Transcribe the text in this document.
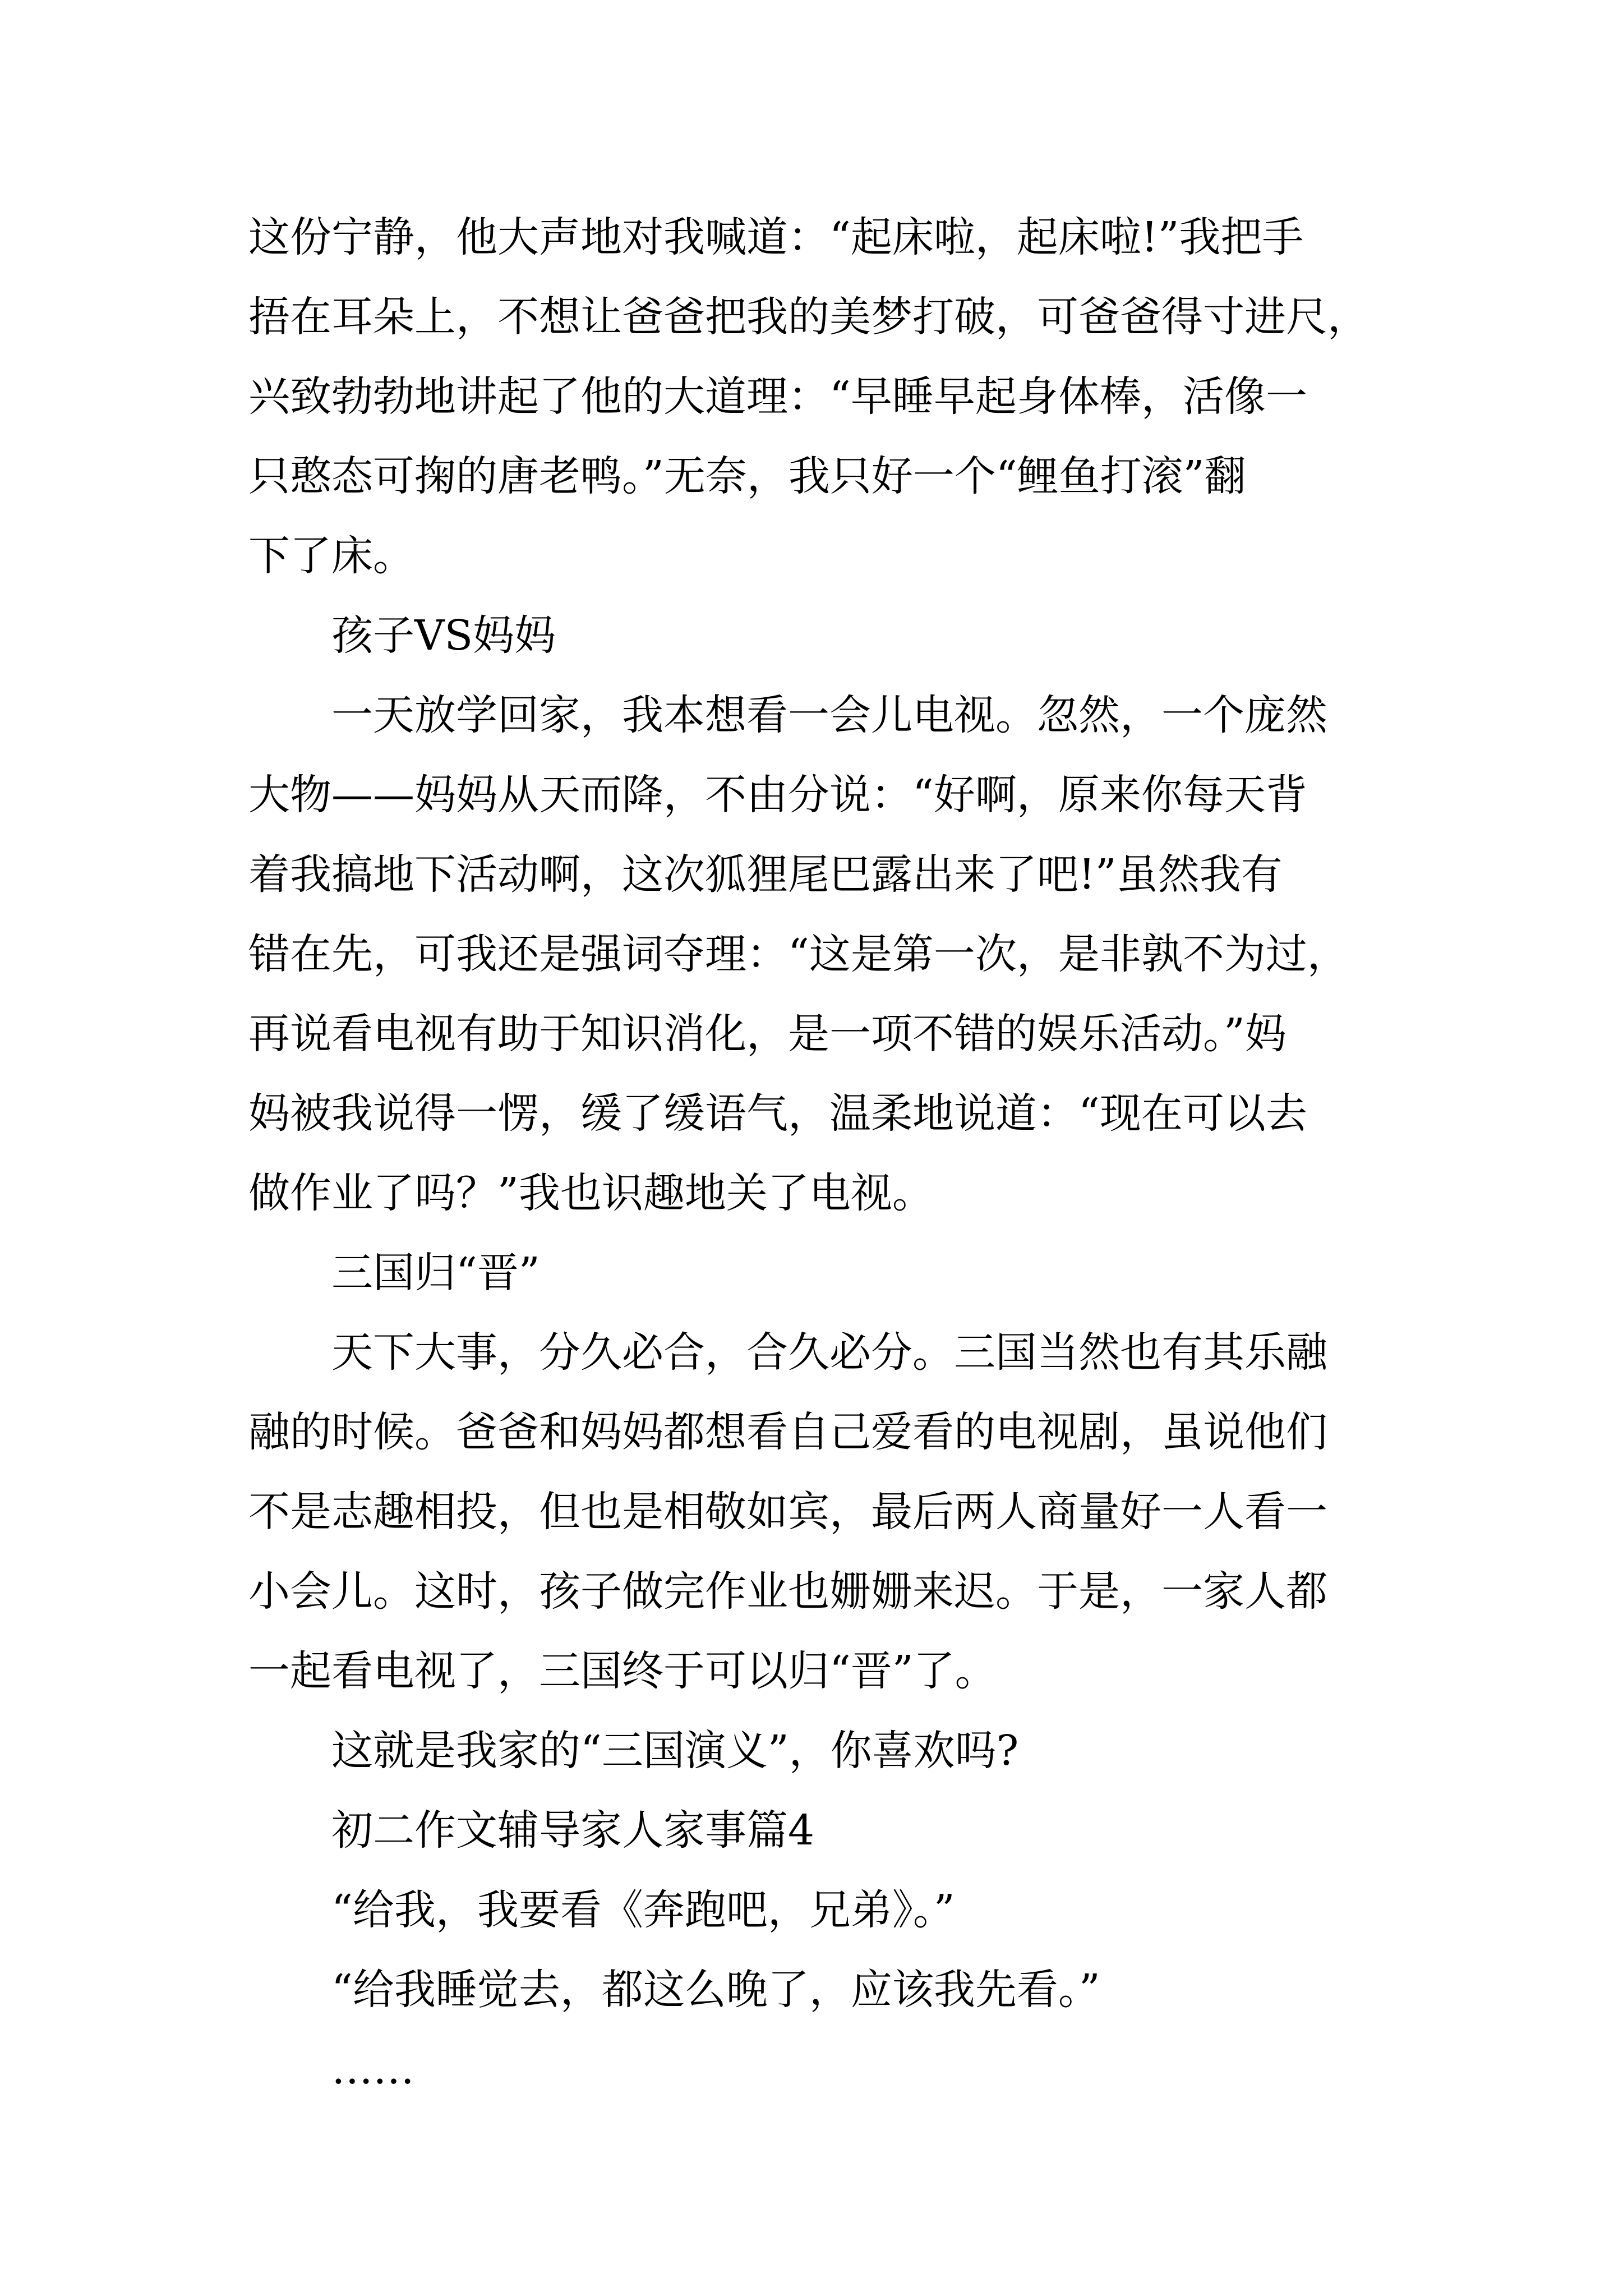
这份宁静，他大声地对我喊道：“起床啦，起床啦!”我把手

捂在耳朵上，不想让爸爸把我的美梦打破，可爸爸得寸进尺，

兴致勃勃地讲起了他的大道理：“早睡早起身体棒，活像一

只憨态可掬的唐老鸭。”无奈，我只好一个“鲤鱼打滚”翻

下了床。

孩子VS妈妈

一天放学回家，我本想看一会儿电视。忽然，一个庞然

大物——妈妈从天而降，不由分说：“好啊，原来你每天背

着我搞地下活动啊，这次狐狸尾巴露出来了吧!”虽然我有

错在先，可我还是强词夺理：“这是第一次，是非孰不为过，

再说看电视有助于知识消化，是一项不错的娱乐活动。”妈

妈被我说得一愣，缓了缓语气，温柔地说道：“现在可以去

做作业了吗？”我也识趣地关了电视。

三国归“晋”

天下大事，分久必合，合久必分。三国当然也有其乐融

融的时候。爸爸和妈妈都想看自己爱看的电视剧，虽说他们

不是志趣相投，但也是相敬如宾，最后两人商量好一人看一

小会儿。这时，孩子做完作业也姗姗来迟。于是，一家人都

一起看电视了，三国终于可以归“晋”了。

这就是我家的“三国演义”，你喜欢吗?

初二作文辅导家人家事篇4

“给我，我要看《奔跑吧，兄弟》。”

“给我睡觉去，都这么晚了，应该我先看。”

……
